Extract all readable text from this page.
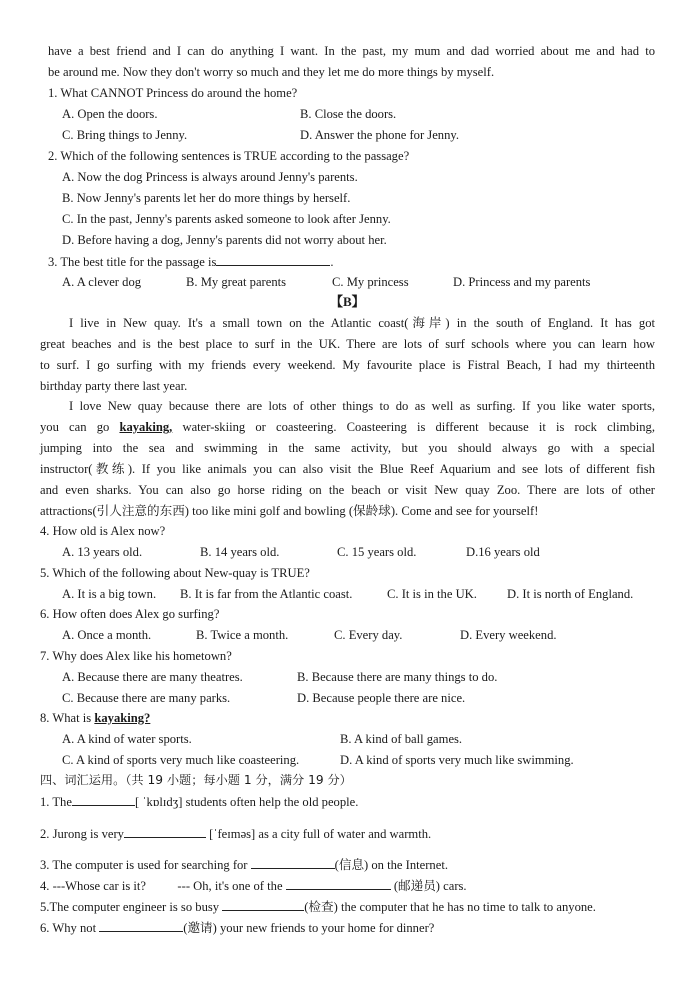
have a best friend and I can do anything I want. In the past, my mum and dad worried about me and had to
be around me. Now they don't worry so much and they let me do more things by myself.
1. What CANNOT Princess do around the home?
A. Open the doors.	B. Close the doors.
C. Bring things to Jenny.	D. Answer the phone for Jenny.
2. Which of the following sentences is TRUE according to the passage?
A. Now the dog Princess is always around Jenny's parents.
B. Now Jenny's parents let her do more things by herself.
C. In the past, Jenny's parents asked someone to look after Jenny.
D. Before having a dog, Jenny's parents did not worry about her.
3. The best title for the passage is	.
A. A clever dog	B. My great parents	C. My princess	D. Princess and my parents
【B】
I live in New quay. It's a small town on the Atlantic coast(海岸) in the south of England. It has got
great beaches and is the best place to surf in the UK. There are lots of surf schools where you can learn how
to surf. I go surfing with my friends every weekend. My favourite place is Fistral Beach, I had my thirteenth
birthday party there last year.
I love New quay because there are lots of other things to do as well as surfing. If you like water sports,
you can go kayaking, water-skiing or coasteering. Coasteering is different because it is rock climbing,
jumping into the sea and swimming in the same activity, but you should always go with a special
instructor(教练). If you like animals you can also visit the Blue Reef Aquarium and see lots of different fish
and even sharks. You can also go horse riding on the beach or visit New quay Zoo. There are lots of other
attractions(引人注意的东西) too like mini golf and bowling (保龄球). Come and see for yourself!
4. How old is Alex now?
A. 13 years old.	B. 14 years old.	C. 15 years old.	D.16 years old
5. Which of the following about New-quay is TRUE?
A. It is a big town. B. It is far from the Atlantic coast.	C. It is in the UK. D. It is north of England.
6. How often does Alex go surfing?
A. Once a month.	B. Twice a month.	C. Every day.	D. Every weekend.
7. Why does Alex like his hometown?
A. Because there are many theatres.	B. Because there are many things to do.
C. Because there are many parks.	D. Because people there are nice.
8. What is kayaking?
A. A kind of water sports.	B. A kind of ball games.
C. A kind of sports very much like coasteering.	D. A kind of sports very much like swimming.
四、词汇运用。（共 19 小题；每小题 1 分，满分 19 分）
1. The	[ ˈkɒlɪdʒ] students often help the old people.
2. Jurong is very	[ˈfeɪməs] as a city full of water and warmth.
3. The computer is used for searching for	(信息) on the Internet.
4. ---Whose car is it?          --- Oh, it's one of the	(邮递员) cars.
5.The computer engineer is so busy	(检查) the computer that he has no time to talk to anyone.
6. Why not	(邀请) your new friends to your home for dinner?
